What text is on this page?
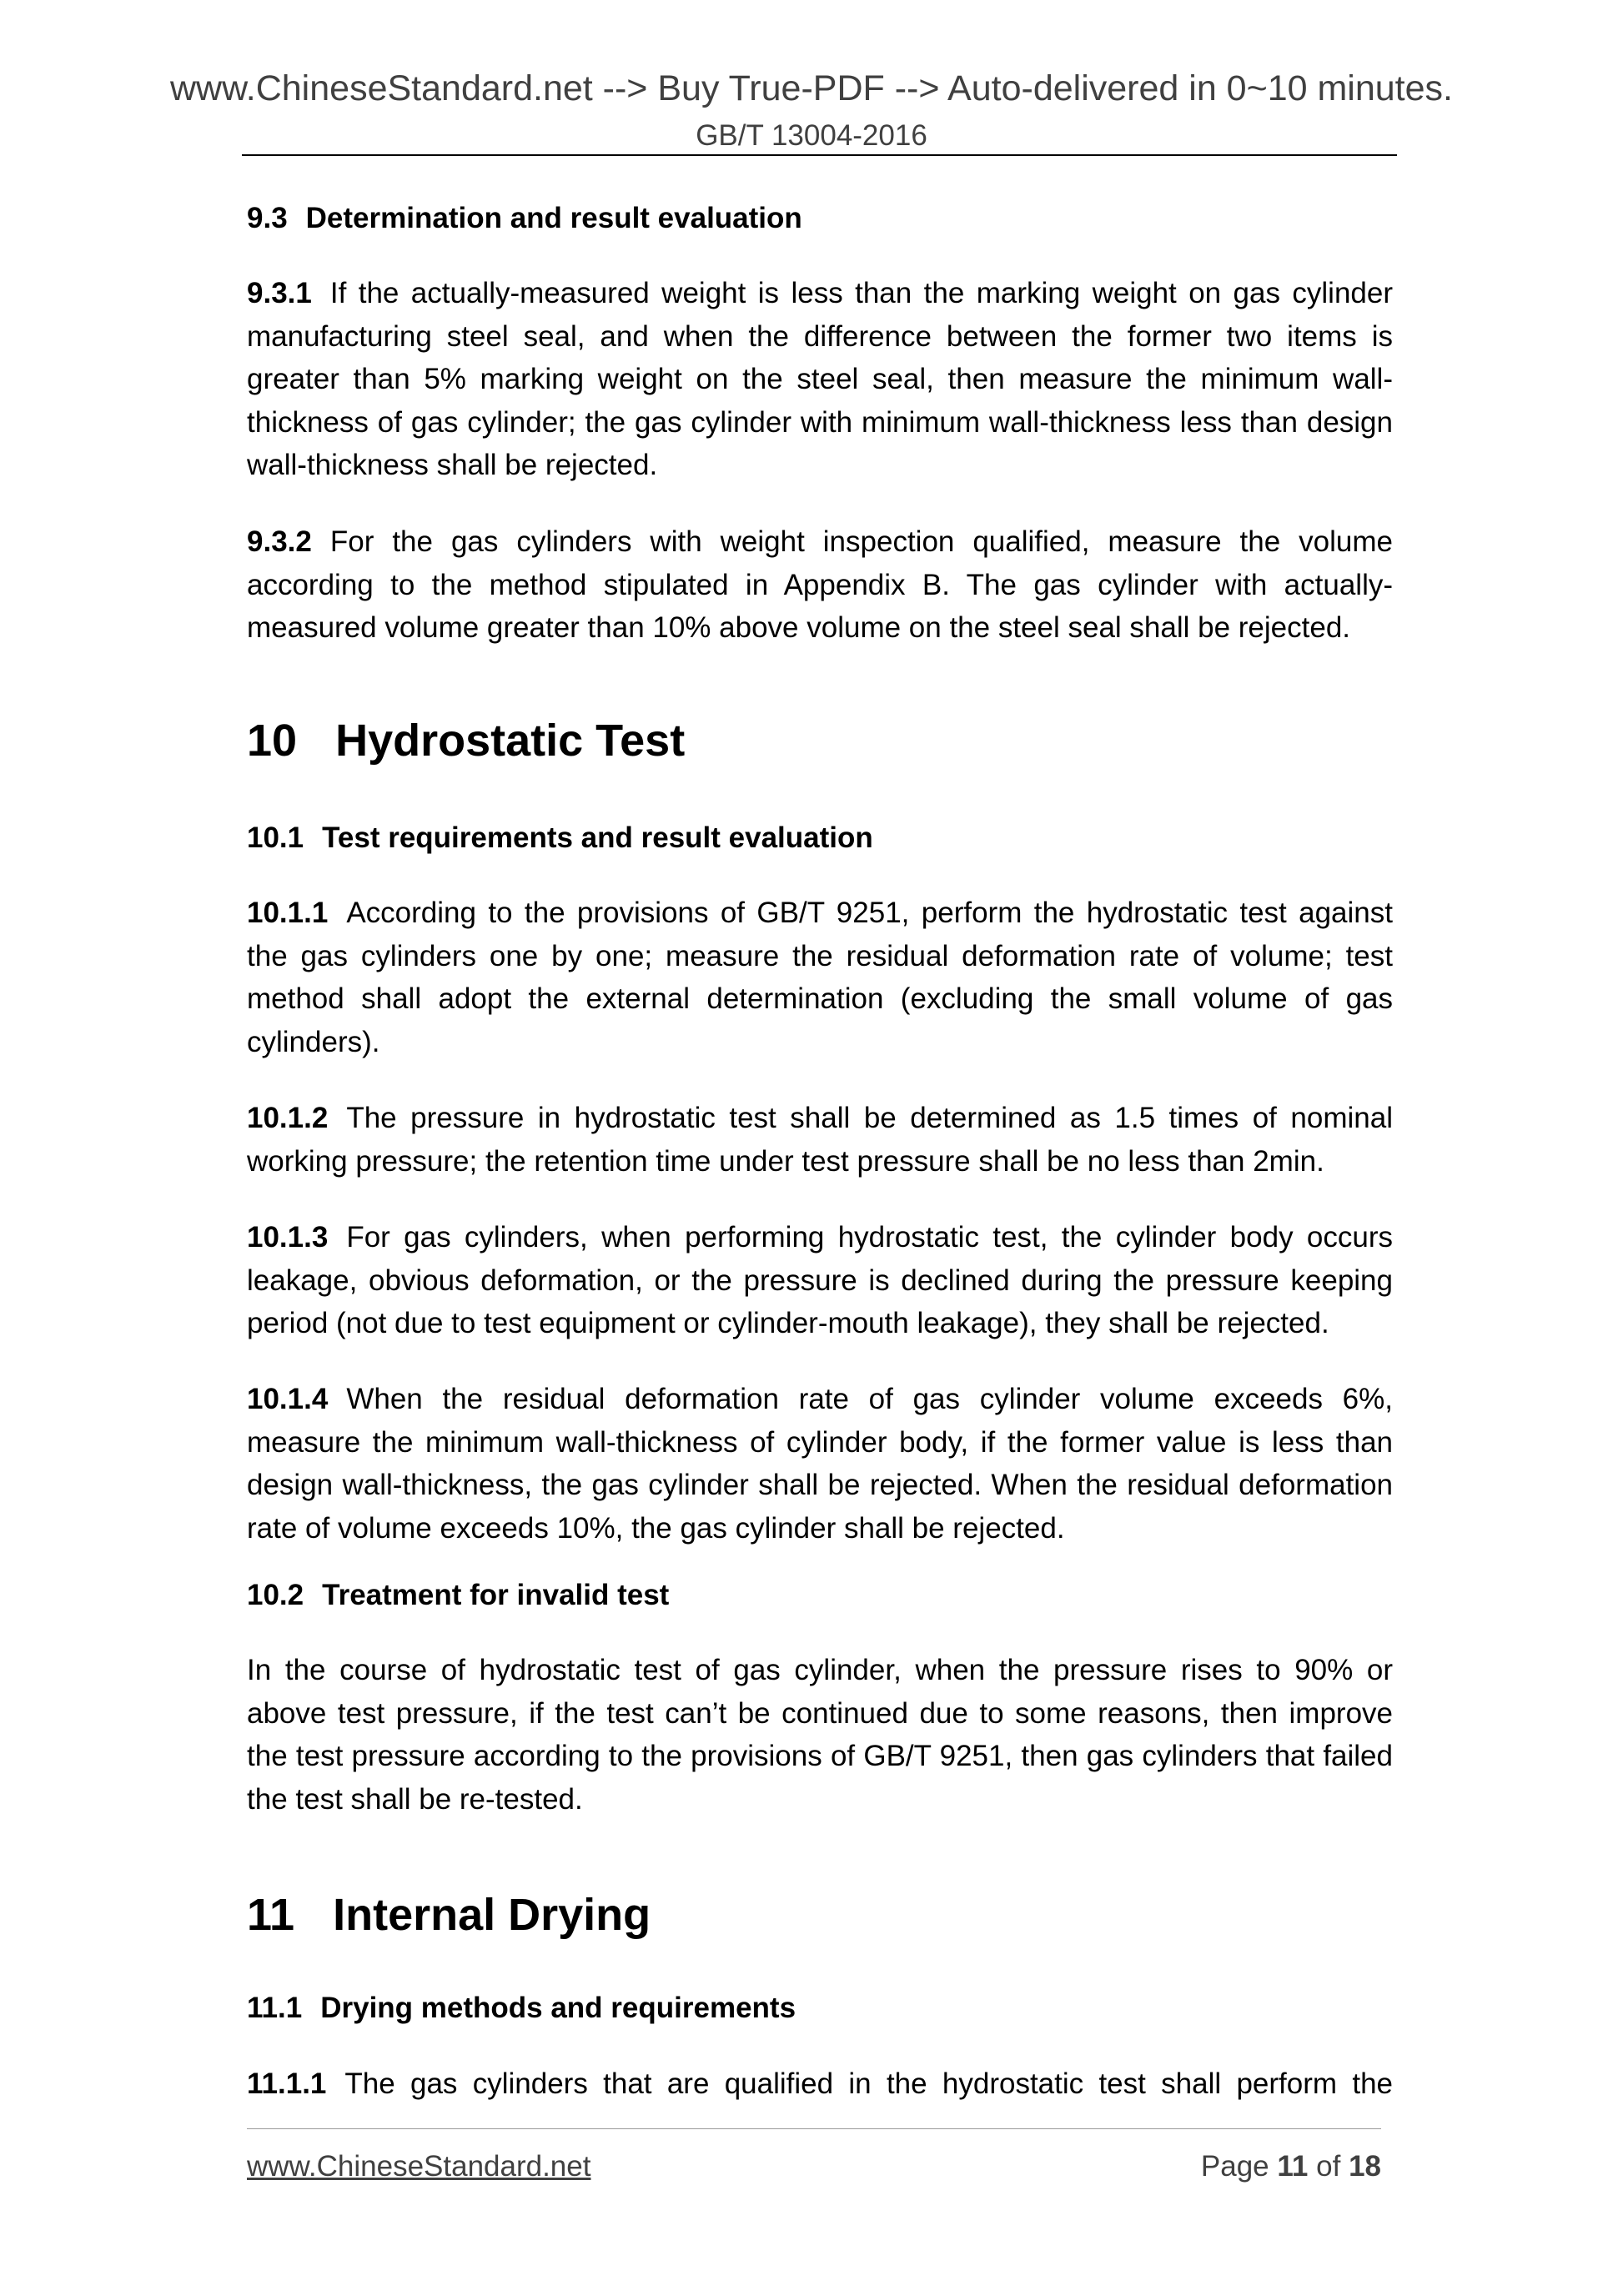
www.ChineseStandard.net --> Buy True-PDF --> Auto-delivered in 0~10 minutes.
GB/T 13004-2016

9.3 Determination and result evaluation

9.3.1 If the actually-measured weight is less than the marking weight on gas cylinder manufacturing steel seal, and when the difference between the former two items is greater than 5% marking weight on the steel seal, then measure the minimum wall-thickness of gas cylinder; the gas cylinder with minimum wall-thickness less than design wall-thickness shall be rejected.

9.3.2 For the gas cylinders with weight inspection qualified, measure the volume according to the method stipulated in Appendix B. The gas cylinder with actually-measured volume greater than 10% above volume on the steel seal shall be rejected.

10 Hydrostatic Test

10.1 Test requirements and result evaluation

10.1.1 According to the provisions of GB/T 9251, perform the hydrostatic test against the gas cylinders one by one; measure the residual deformation rate of volume; test method shall adopt the external determination (excluding the small volume of gas cylinders).

10.1.2 The pressure in hydrostatic test shall be determined as 1.5 times of nominal working pressure; the retention time under test pressure shall be no less than 2min.

10.1.3 For gas cylinders, when performing hydrostatic test, the cylinder body occurs leakage, obvious deformation, or the pressure is declined during the pressure keeping period (not due to test equipment or cylinder-mouth leakage), they shall be rejected.

10.1.4 When the residual deformation rate of gas cylinder volume exceeds 6%, measure the minimum wall-thickness of cylinder body, if the former value is less than design wall-thickness, the gas cylinder shall be rejected. When the residual deformation rate of volume exceeds 10%, the gas cylinder shall be rejected.

10.2 Treatment for invalid test

In the course of hydrostatic test of gas cylinder, when the pressure rises to 90% or above test pressure, if the test can’t be continued due to some reasons, then improve the test pressure according to the provisions of GB/T 9251, then gas cylinders that failed the test shall be re-tested.

11 Internal Drying

11.1 Drying methods and requirements

11.1.1 The gas cylinders that are qualified in the hydrostatic test shall perform the

www.ChineseStandard.net	Page 11 of 18
